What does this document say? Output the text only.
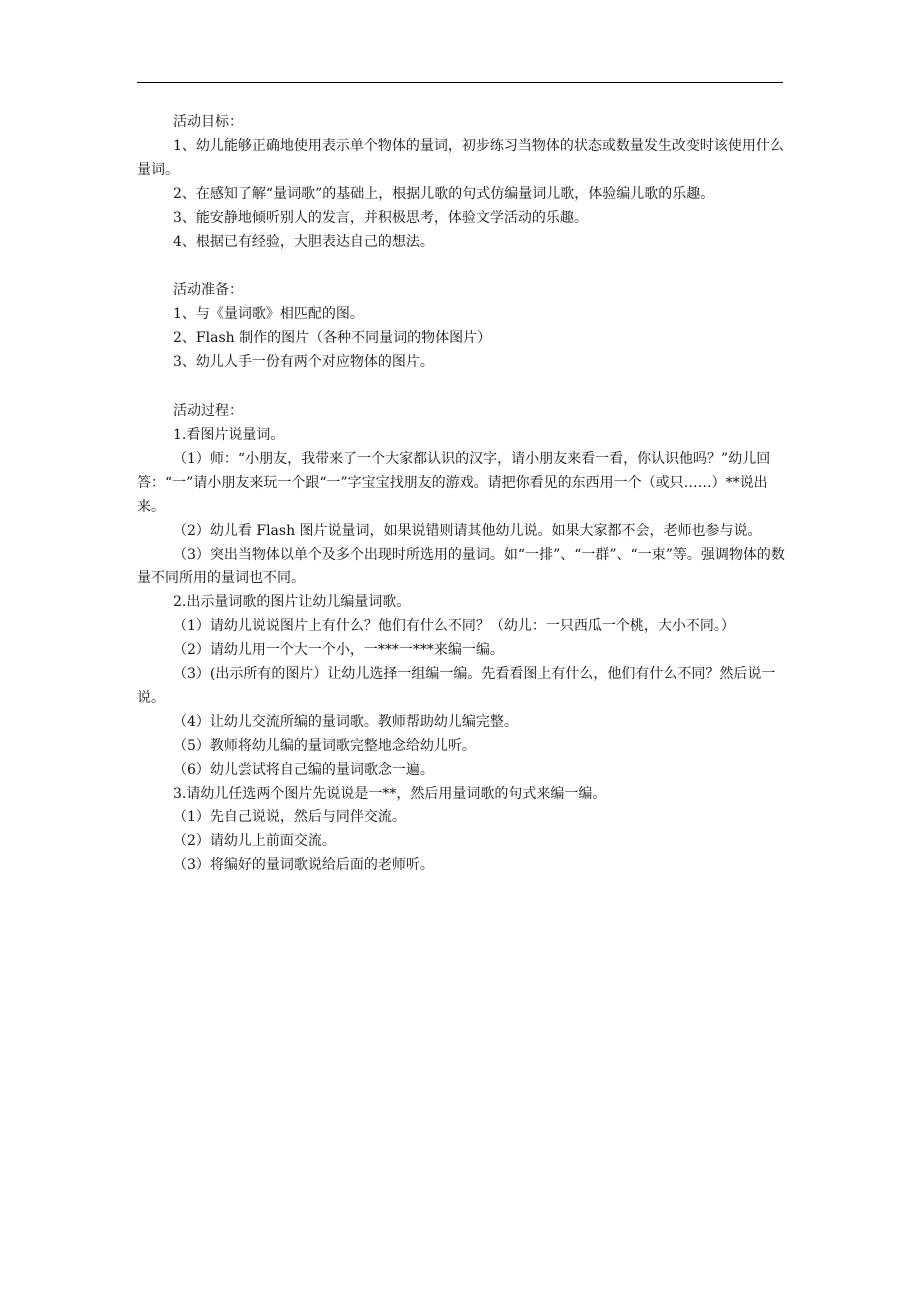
活动目标：

1、幼儿能够正确地使用表示单个物体的量词，初步练习当物体的状态或数量发生改变时该使用什么量词。

2、在感知了解“量词歌”的基础上，根据儿歌的句式仿编量词儿歌，体验编儿歌的乐趣。

3、能安静地倾听别人的发言，并积极思考，体验文学活动的乐趣。

4、根据已有经验，大胆表达自己的想法。

活动准备：

1、与《量词歌》相匹配的图。

2、Flash 制作的图片（各种不同量词的物体图片）

3、幼儿人手一份有两个对应物体的图片。

活动过程：

1.看图片说量词。

（1）师：“小朋友，我带来了一个大家都认识的汉字，请小朋友来看一看，你认识他吗？”幼儿回答：“一”请小朋友来玩一个跟“一”字宝宝找朋友的游戏。请把你看见的东西用一个（或只……）**说出来。

（2）幼儿看 Flash 图片说量词，如果说错则请其他幼儿说。如果大家都不会，老师也参与说。

（3）突出当物体以单个及多个出现时所选用的量词。如“一排”、“一群”、“一束”等。强调物体的数量不同所用的量词也不同。

2.出示量词歌的图片让幼儿编量词歌。

（1）请幼儿说说图片上有什么？他们有什么不同？（幼儿：一只西瓜一个桃，大小不同。）

（2）请幼儿用一个大一个小，一***一***来编一编。

（3）(出示所有的图片）让幼儿选择一组编一编。先看看图上有什么，他们有什么不同？然后说一说。

（4）让幼儿交流所编的量词歌。教师帮助幼儿编完整。

（5）教师将幼儿编的量词歌完整地念给幼儿听。

（6）幼儿尝试将自己编的量词歌念一遍。

3.请幼儿任选两个图片先说说是一**，然后用量词歌的句式来编一编。

（1）先自己说说，然后与同伴交流。

（2）请幼儿上前面交流。

（3）将编好的量词歌说给后面的老师听。
